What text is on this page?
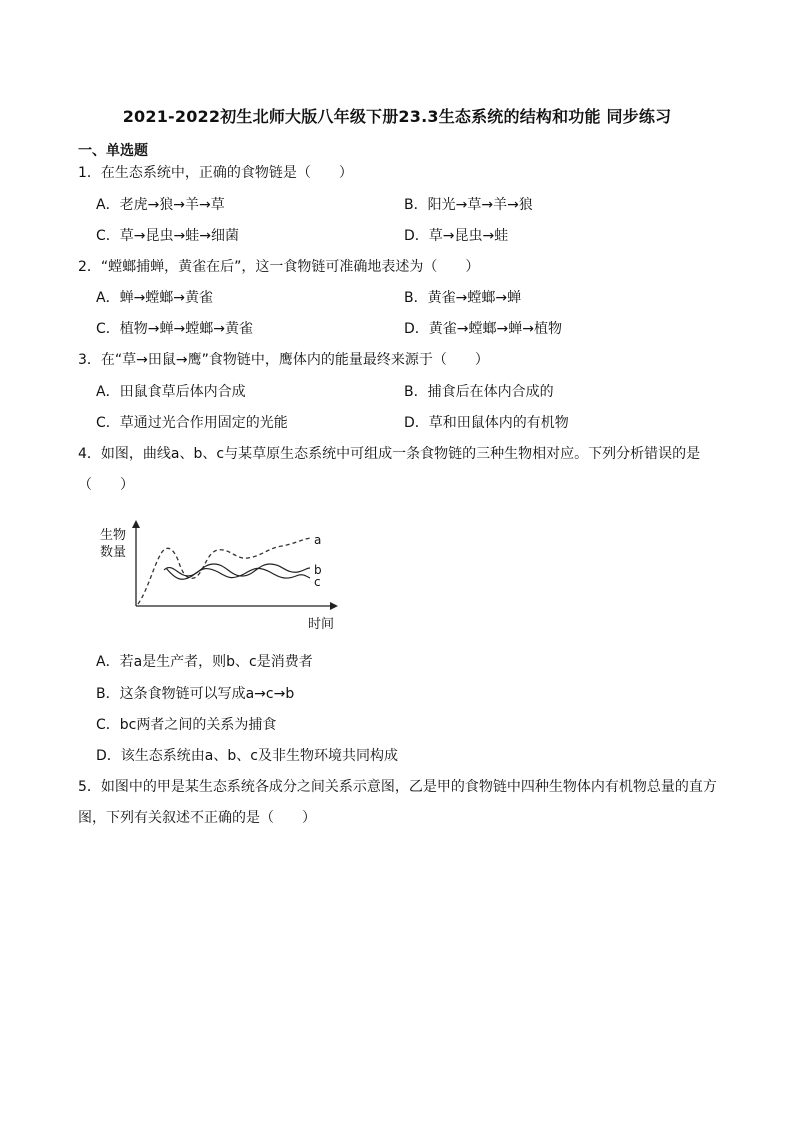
2021-2022初生北师大版八年级下册23.3生态系统的结构和功能 同步练习
一、单选题
1．在生态系统中，正确的食物链是（　　）
A．老虎→狼→羊→草	B．阳光→草→羊→狼
C．草→昆虫→蛙→细菌	D．草→昆虫→蛙
2．“螳螂捕蝉，黄雀在后”，这一食物链可准确地表述为（　　）
A．蝉→螳螂→黄雀	B．黄雀→螳螂→蝉
C．植物→蝉→螳螂→黄雀	D．黄雀→螳螂→蝉→植物
3．在“草→田鼠→鹰”食物链中，鹰体内的能量最终来源于（　　）
A．田鼠食草后体内合成	B．捕食后在体内合成的
C．草通过光合作用固定的光能	D．草和田鼠体内的有机物
4．如图，曲线a、b、c与某草原生态系统中可组成一条食物链的三种生物相对应。下列分析错误的是（　　）
生物
数量
时间
a
b
c
A．若a是生产者，则b、c是消费者
B．这条食物链可以写成a→c→b
C．bc两者之间的关系为捕食
D．该生态系统由a、b、c及非生物环境共同构成
5．如图中的甲是某生态系统各成分之间关系示意图，乙是甲的食物链中四种生物体内有机物总量的直方图，下列有关叙述不正确的是（　　）
